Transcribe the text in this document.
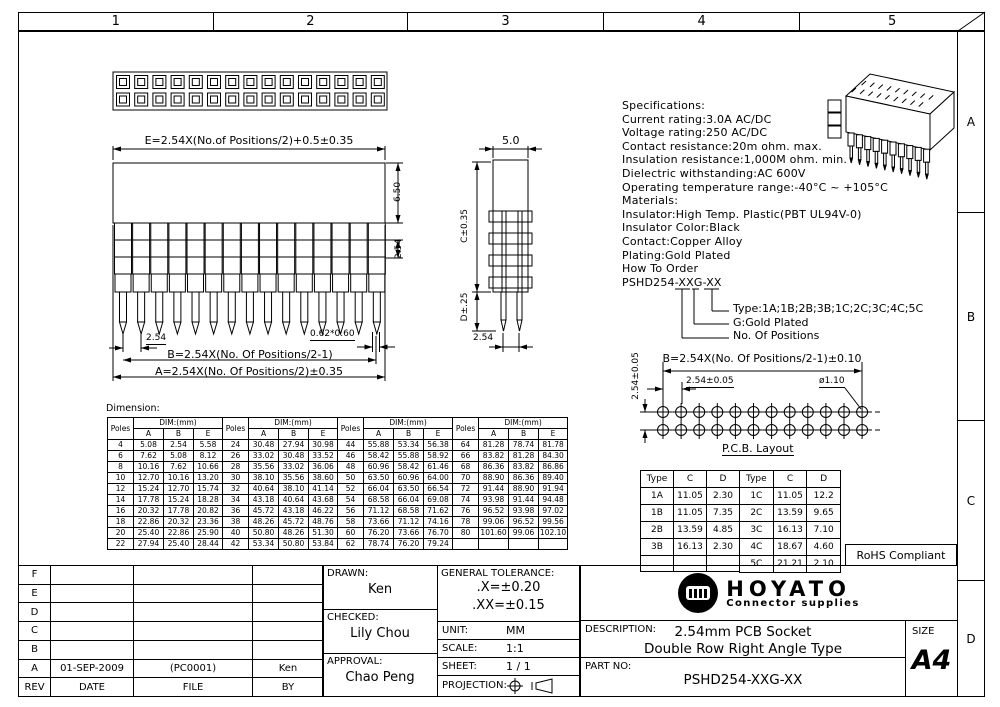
1	2	3	4	5
A
B
C
D
Specifications:
Current rating:3.0A AC/DC
Voltage rating:250 AC/DC
Contact resistance:20m ohm. max.
Insulation resistance:1,000M ohm. min.
Dielectric withstanding:AC 600V
Operating temperature range:-40°C ~ +105°C
Materials:
Insulator:High Temp. Plastic(PBT UL94V-0)
Insulator Color:Black
Contact:Copper Alloy
Plating:Gold Plated
How To Order
PSHD254-XXG-XX
Type:1A;1B;2B;3B;1C;2C;3C;4C;5C
G:Gold Plated
No. Of Positions
E=2.54X(No.of Positions/2)+0.5±0.35
6.50
2.54
2.54	0.62*0.60
B=2.54X(No. Of Positions/2-1)
A=2.54X(No. Of Positions/2)±0.35
5.0
C±0.35
D±.25
2.54
B=2.54X(No. Of Positions/2-1)±0.10
2.54±0.05	ø1.10
2.54±0.05
P.C.B. Layout
Dimension:
Poles	DIM:(mm)			Poles	DIM:(mm)			Poles	DIM:(mm)			Poles	DIM:(mm)		
	A	B	E		A	B	E		A	B	E		A	B	E
4	5.08	2.54	5.58	24	30.48	27.94	30.98	44	55.88	53.34	56.38	64	81.28	78.74	81.78
6	7.62	5.08	8.12	26	33.02	30.48	33.52	46	58.42	55.88	58.92	66	83.82	81.28	84.30
8	10.16	7.62	10.66	28	35.56	33.02	36.06	48	60.96	58.42	61.46	68	86.36	83.82	86.86
10	12.70	10.16	13.20	30	38.10	35.56	38.60	50	63.50	60.96	64.00	70	88.90	86.36	89.40
12	15.24	12.70	15.74	32	40.64	38.10	41.14	52	66.04	63.50	66.54	72	91.44	88.90	91.94
14	17.78	15.24	18.28	34	43.18	40.64	43.68	54	68.58	66.04	69.08	74	93.98	91.44	94.48
16	20.32	17.78	20.82	36	45.72	43.18	46.22	56	71.12	68.58	71.62	76	96.52	93.98	97.02
18	22.86	20.32	23.36	38	48.26	45.72	48.76	58	73.66	71.12	74.16	78	99.06	96.52	99.56
20	25.40	22.86	25.90	40	50.80	48.26	51.30	60	76.20	73.66	76.70	80	101.60	99.06	102.10
22	27.94	25.40	28.44	42	53.34	50.80	53.84	62	78.74	76.20	79.24				
Type	C	D
1A	11.05	2.30
1B	11.05	7.35
2B	13.59	4.85
3B	16.13	2.30

Type	C	D
1C	11.05	12.2
2C	13.59	9.65
3C	16.13	7.10
4C	18.67	4.60
5C	21.21	2.10
RoHS Compliant
F			
E			
D			
C			
B			
A	01-SEP-2009	(PC0001)	Ken
REV	DATE	FILE	BY
DRAWN:
Ken
CHECKED:
Lily Chou
APPROVAL:
Chao Peng
GENERAL TOLERANCE:
.X=±0.20
.XX=±0.15
UNIT:	MM
SCALE:	1:1
SHEET:	1 / 1
PROJECTION:
HOYATO
Connector supplies
DESCRIPTION:	2.54mm PCB Socket
Double Row Right Angle Type
PART NO:
PSHD254-XXG-XX
SIZE
A4
